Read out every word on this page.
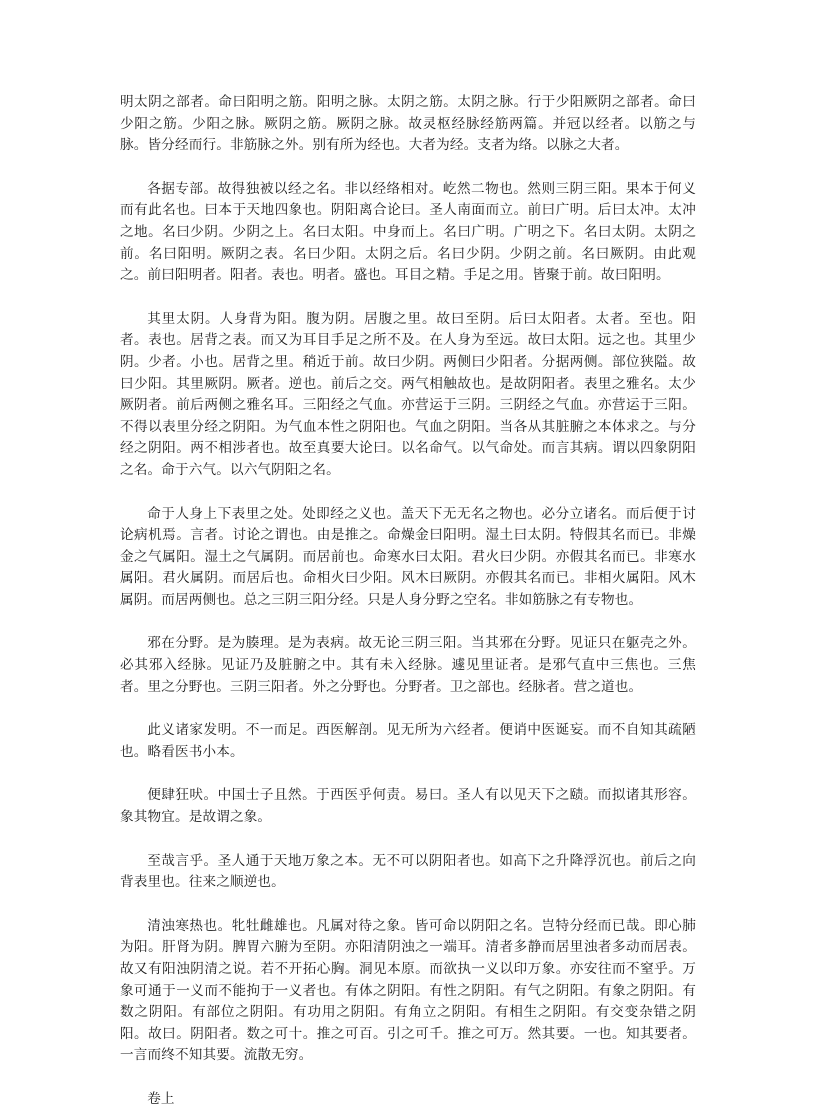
明太阴之部者。命曰阳明之筋。阳明之脉。太阴之筋。太阴之脉。行于少阳厥阴之部者。命曰少阳之筋。少阳之脉。厥阴之筋。厥阴之脉。故灵枢经脉经筋两篇。并冠以经者。以筋之与脉。皆分经而行。非筋脉之外。别有所为经也。大者为经。支者为络。以脉之大者。

各据专部。故得独被以经之名。非以经络相对。屹然二物也。然则三阴三阳。果本于何义而有此名也。曰本于天地四象也。阴阳离合论曰。圣人南面而立。前曰广明。后曰太冲。太冲之地。名曰少阴。少阴之上。名曰太阳。中身而上。名曰广明。广明之下。名曰太阴。太阴之前。名曰阳明。厥阴之表。名曰少阳。太阴之后。名曰少阴。少阴之前。名曰厥阴。由此观之。前曰阳明者。阳者。表也。明者。盛也。耳目之精。手足之用。皆聚于前。故曰阳明。

其里太阴。人身背为阳。腹为阴。居腹之里。故曰至阴。后曰太阳者。太者。至也。阳者。表也。居背之表。而又为耳目手足之所不及。在人身为至远。故曰太阳。远之也。其里少阴。少者。小也。居背之里。稍近于前。故曰少阴。两侧曰少阳者。分据两侧。部位狭隘。故曰少阳。其里厥阴。厥者。逆也。前后之交。两气相触故也。是故阴阳者。表里之雅名。太少厥阴者。前后两侧之雅名耳。三阳经之气血。亦营运于三阴。三阴经之气血。亦营运于三阳。不得以表里分经之阴阳。为气血本性之阴阳也。气血之阴阳。当各从其脏腑之本体求之。与分经之阴阳。两不相涉者也。故至真要大论曰。以名命气。以气命处。而言其病。谓以四象阴阳之名。命于六气。以六气阴阳之名。

命于人身上下表里之处。处即经之义也。盖天下无无名之物也。必分立诸名。而后便于讨论病机焉。言者。讨论之谓也。由是推之。命燥金曰阳明。湿土曰太阴。特假其名而已。非燥金之气属阳。湿土之气属阴。而居前也。命寒水曰太阳。君火曰少阴。亦假其名而已。非寒水属阳。君火属阴。而居后也。命相火曰少阳。风木曰厥阴。亦假其名而已。非相火属阳。风木属阴。而居两侧也。总之三阴三阳分经。只是人身分野之空名。非如筋脉之有专物也。

邪在分野。是为腠理。是为表病。故无论三阴三阳。当其邪在分野。见证只在躯壳之外。必其邪入经脉。见证乃及脏腑之中。其有未入经脉。遽见里证者。是邪气直中三焦也。三焦者。里之分野也。三阴三阳者。外之分野也。分野者。卫之部也。经脉者。营之道也。

此义诸家发明。不一而足。西医解剖。见无所为六经者。便诮中医诞妄。而不自知其疏陋也。略看医书小本。

便肆狂吠。中国士子且然。于西医乎何责。易曰。圣人有以见天下之赜。而拟诸其形容。象其物宜。是故谓之象。

至哉言乎。圣人通于天地万象之本。无不可以阴阳者也。如高下之升降浮沉也。前后之向背表里也。往来之顺逆也。

清浊寒热也。牝牡雌雄也。凡属对待之象。皆可命以阴阳之名。岂特分经而已哉。即心肺为阳。肝肾为阴。脾胃六腑为至阴。亦阳清阴浊之一端耳。清者多静而居里浊者多动而居表。故又有阳浊阴清之说。若不开拓心胸。洞见本原。而欲执一义以印万象。亦安往而不窒乎。万象可通于一义而不能拘于一义者也。有体之阴阳。有性之阴阳。有气之阴阳。有象之阴阳。有数之阴阳。有部位之阴阳。有功用之阴阳。有角立之阴阳。有相生之阴阳。有交变杂错之阴阳。故曰。阴阳者。数之可十。推之可百。引之可千。推之可万。然其要。一也。知其要者。一言而终不知其要。流散无穷。

卷上
